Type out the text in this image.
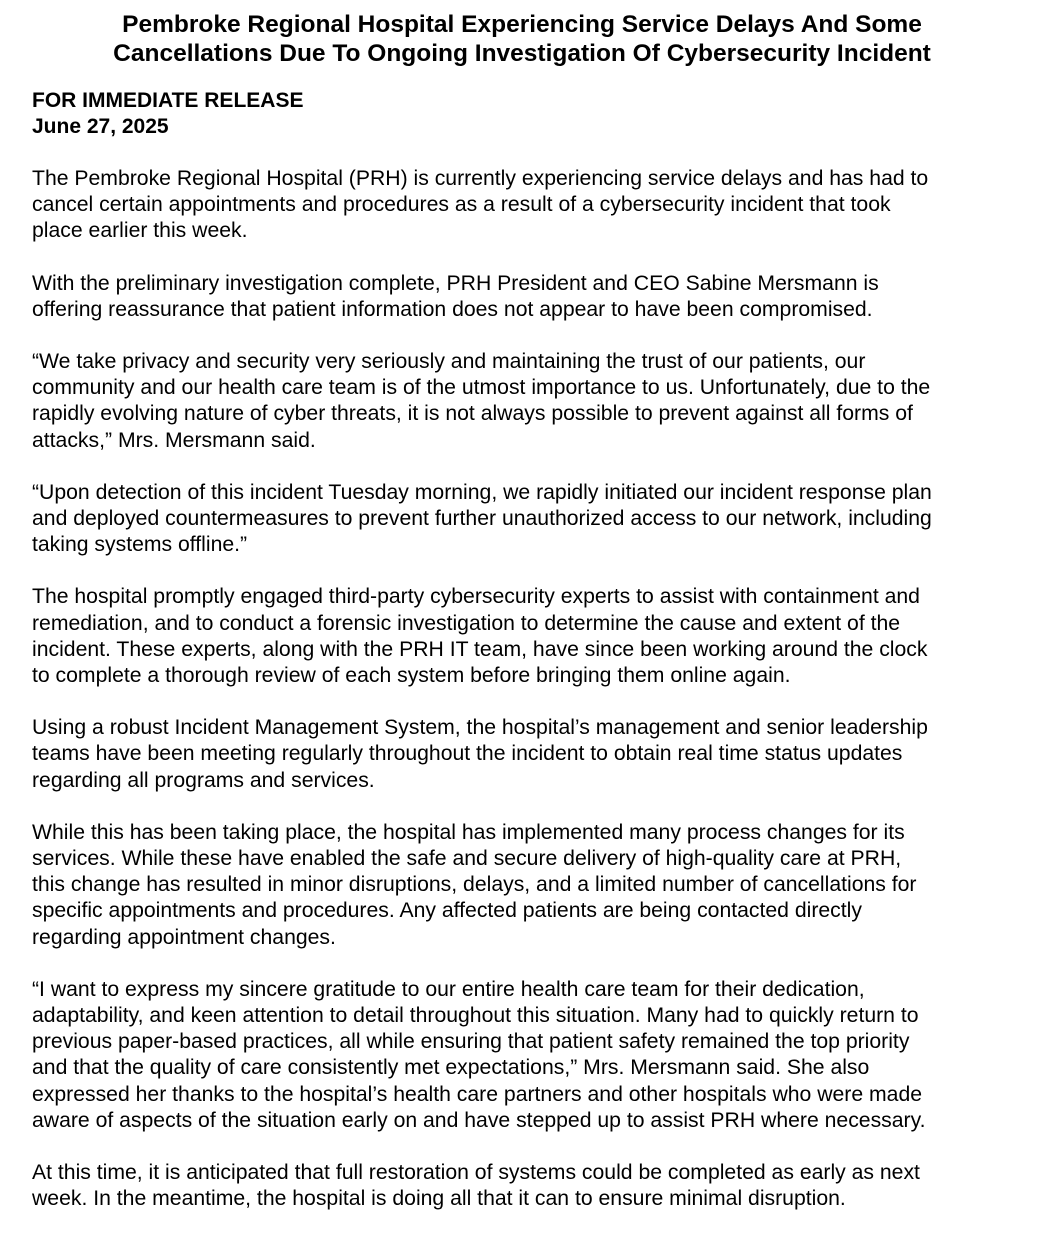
Pembroke Regional Hospital Experiencing Service Delays And Some
Cancellations Due To Ongoing Investigation Of Cybersecurity Incident
FOR IMMEDIATE RELEASE
June 27, 2025

The Pembroke Regional Hospital (PRH) is currently experiencing service delays and has had to
cancel certain appointments and procedures as a result of a cybersecurity incident that took
place earlier this week.

With the preliminary investigation complete, PRH President and CEO Sabine Mersmann is
offering reassurance that patient information does not appear to have been compromised.

“We take privacy and security very seriously and maintaining the trust of our patients, our
community and our health care team is of the utmost importance to us. Unfortunately, due to the
rapidly evolving nature of cyber threats, it is not always possible to prevent against all forms of
attacks,” Mrs. Mersmann said.

“Upon detection of this incident Tuesday morning, we rapidly initiated our incident response plan
and deployed countermeasures to prevent further unauthorized access to our network, including
taking systems offline.”

The hospital promptly engaged third-party cybersecurity experts to assist with containment and
remediation, and to conduct a forensic investigation to determine the cause and extent of the
incident. These experts, along with the PRH IT team, have since been working around the clock
to complete a thorough review of each system before bringing them online again.

Using a robust Incident Management System, the hospital’s management and senior leadership
teams have been meeting regularly throughout the incident to obtain real time status updates
regarding all programs and services.

While this has been taking place, the hospital has implemented many process changes for its
services. While these have enabled the safe and secure delivery of high-quality care at PRH,
this change has resulted in minor disruptions, delays, and a limited number of cancellations for
specific appointments and procedures. Any affected patients are being contacted directly
regarding appointment changes.

“I want to express my sincere gratitude to our entire health care team for their dedication,
adaptability, and keen attention to detail throughout this situation. Many had to quickly return to
previous paper-based practices, all while ensuring that patient safety remained the top priority
and that the quality of care consistently met expectations,” Mrs. Mersmann said. She also
expressed her thanks to the hospital’s health care partners and other hospitals who were made
aware of aspects of the situation early on and have stepped up to assist PRH where necessary.

At this time, it is anticipated that full restoration of systems could be completed as early as next
week. In the meantime, the hospital is doing all that it can to ensure minimal disruption.
